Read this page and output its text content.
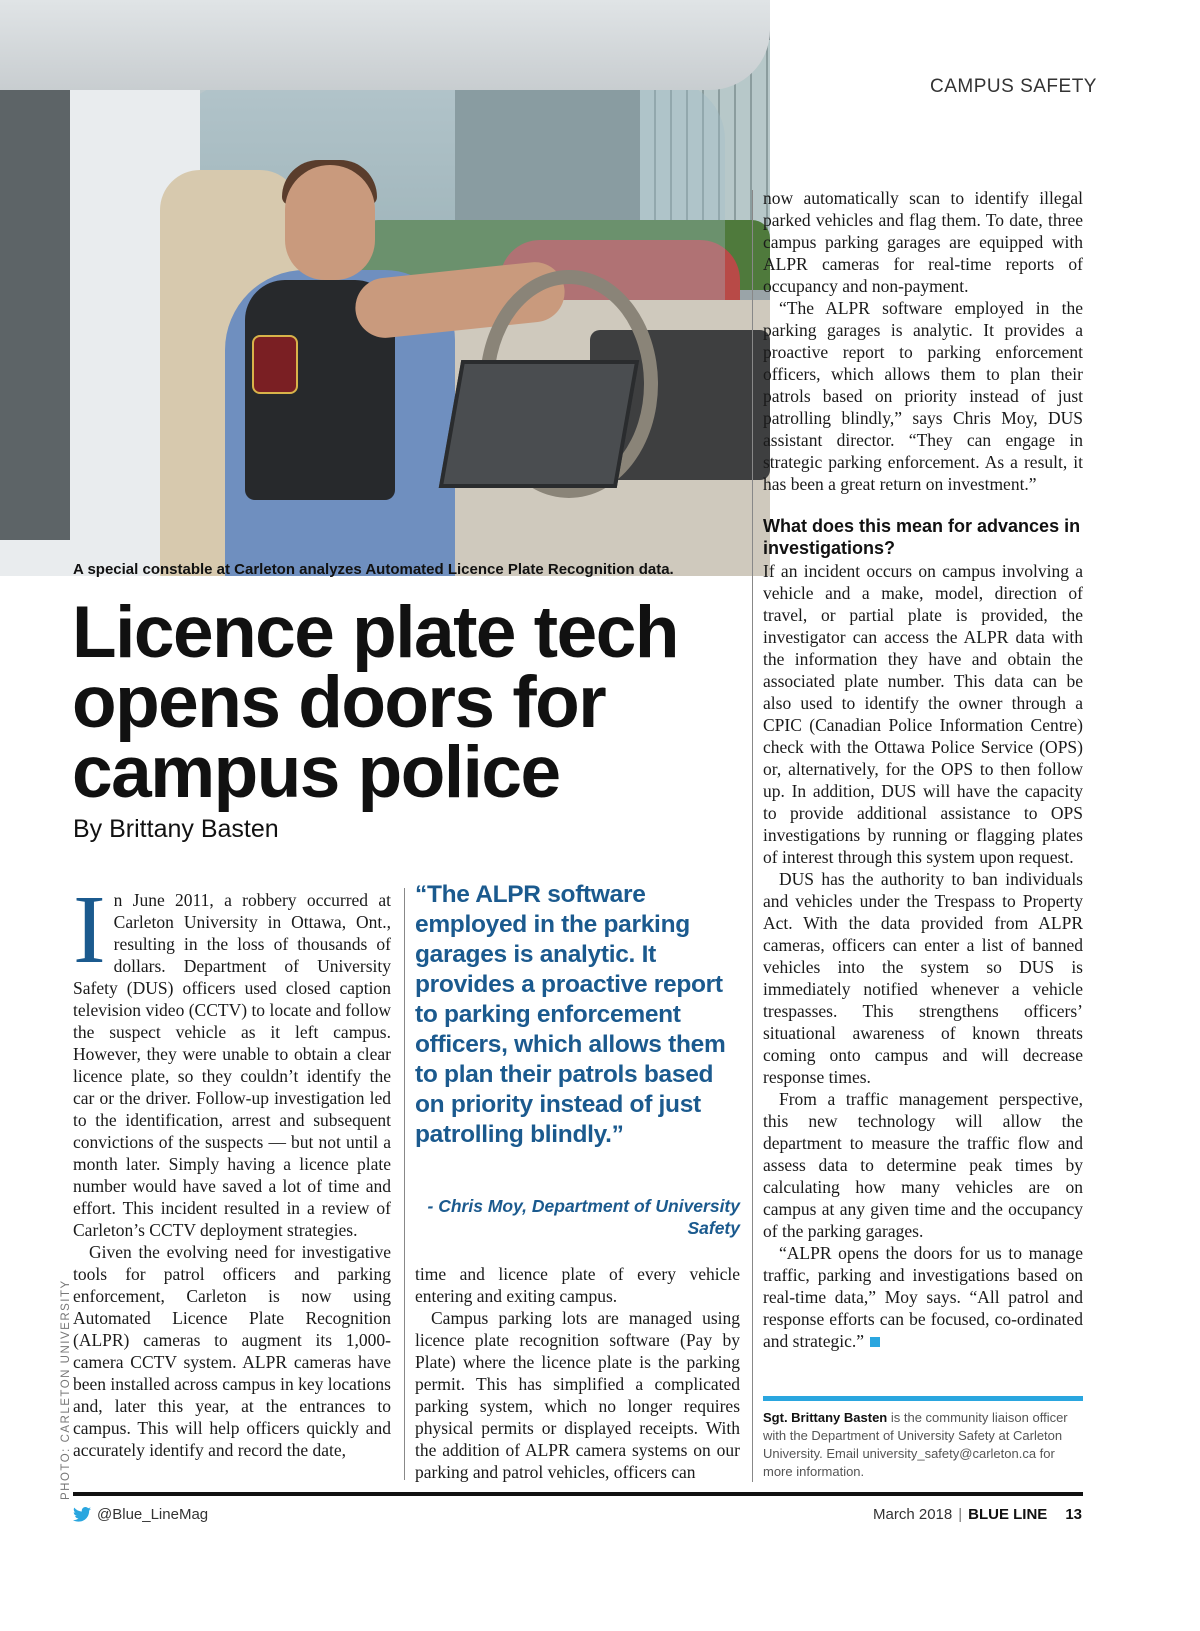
CAMPUS SAFETY
A special constable at Carleton analyzes Automated Licence Plate Recognition data.
Licence plate tech opens doors for campus police
By Brittany Basten
I n June 2011, a robbery occurred at Carleton University in Ottawa, Ont., resulting in the loss of thousands of dollars. Department of University Safety (DUS) officers used closed caption television video (CCTV) to locate and follow the suspect vehicle as it left campus. However, they were unable to obtain a clear licence plate, so they couldn’t identify the car or the driver. Follow-up investigation led to the identification, arrest and subsequent convictions of the suspects — but not until a month later. Simply having a licence plate number would have saved a lot of time and effort. This incident resulted in a review of Carleton’s CCTV deployment strategies.

Given the evolving need for investigative tools for patrol officers and parking enforcement, Carleton is now using Automated Licence Plate Recognition (ALPR) cameras to augment its 1,000-camera CCTV system. ALPR cameras have been installed across campus in key locations and, later this year, at the entrances to campus. This will help officers quickly and accurately identify and record the date,

“The ALPR software employed in the parking garages is analytic. It provides a proactive report to parking enforcement officers, which allows them to plan their patrols based on priority instead of just patrolling blindly.”
- Chris Moy, Department of University Safety

time and licence plate of every vehicle entering and exiting campus.

Campus parking lots are managed using licence plate recognition software (Pay by Plate) where the licence plate is the parking permit. This has simplified a complicated parking system, which no longer requires physical permits or displayed receipts. With the addition of ALPR camera systems on our parking and patrol vehicles, officers can

now automatically scan to identify illegal parked vehicles and flag them. To date, three campus parking garages are equipped with ALPR cameras for real-time reports of occupancy and non-payment.

“The ALPR software employed in the parking garages is analytic. It provides a proactive report to parking enforcement officers, which allows them to plan their patrols based on priority instead of just patrolling blindly,” says Chris Moy, DUS assistant director. “They can engage in strategic parking enforcement. As a result, it has been a great return on investment.”

What does this mean for advances in investigations?

If an incident occurs on campus involving a vehicle and a make, model, direction of travel, or partial plate is provided, the investigator can access the ALPR data with the information they have and obtain the associated plate number. This data can be also used to identify the owner through a CPIC (Canadian Police Information Centre) check with the Ottawa Police Service (OPS) or, alternatively, for the OPS to then follow up. In addition, DUS will have the capacity to provide additional assistance to OPS investigations by running or flagging plates of interest through this system upon request.

DUS has the authority to ban individuals and vehicles under the Trespass to Property Act. With the data provided from ALPR cameras, officers can enter a list of banned vehicles into the system so DUS is immediately notified whenever a vehicle trespasses. This strengthens officers’ situational awareness of known threats coming onto campus and will decrease response times.

From a traffic management perspective, this new technology will allow the department to measure the traffic flow and assess data to determine peak times by calculating how many vehicles are on campus at any given time and the occupancy of the parking garages.

“ALPR opens the doors for us to manage traffic, parking and investigations based on real-time data,” Moy says. “All patrol and response efforts can be focused, co-ordinated and strategic.”

Sgt. Brittany Basten is the community liaison officer with the Department of University Safety at Carleton University. Email university_safety@carleton.ca for more information.
PHOTO: CARLETON UNIVERSITY
@Blue_LineMag	March 2018 | BLUE LINE 13
